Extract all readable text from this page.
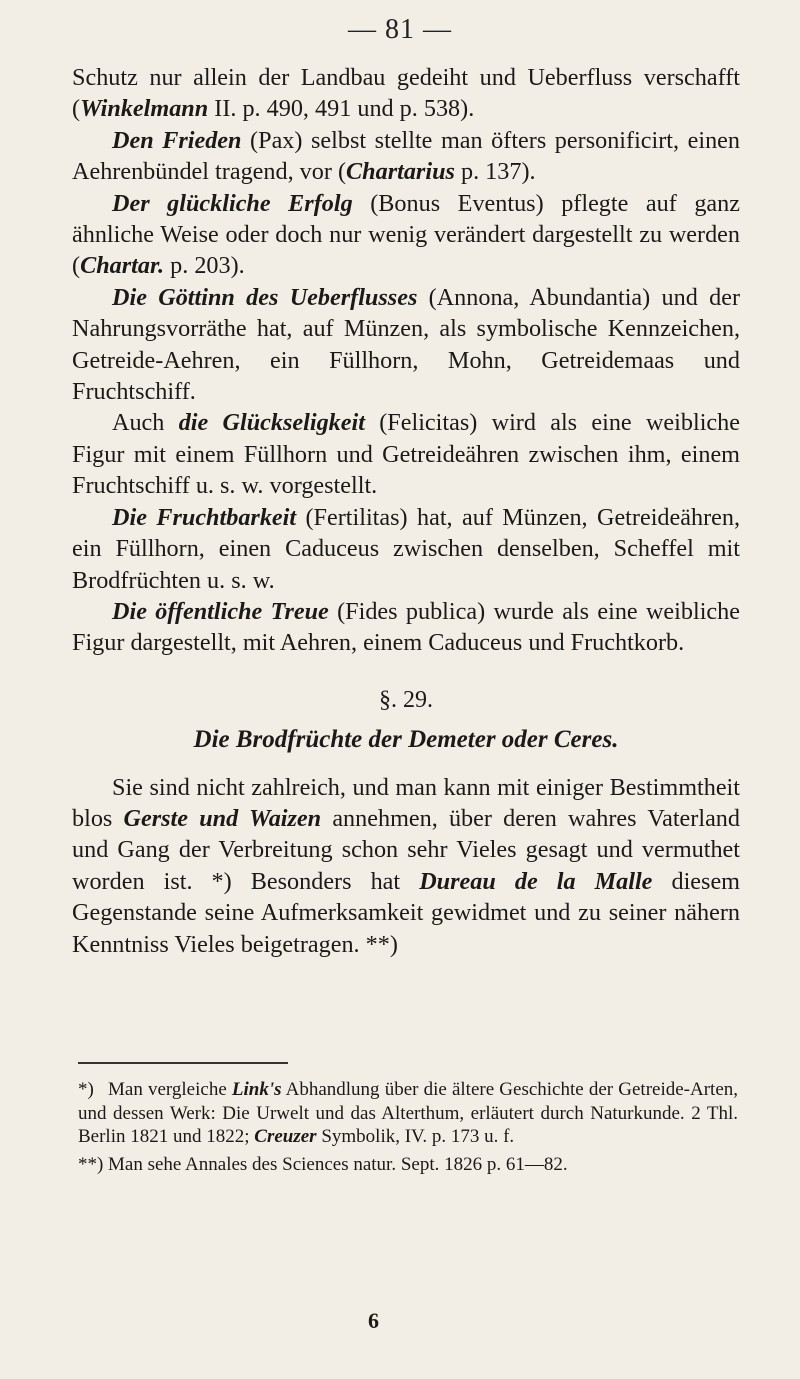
— 81 —

Schutz nur allein der Landbau gedeiht und Ueberfluss verschafft (Winkelmann II. p. 490, 491 und p. 538).

Den Frieden (Pax) selbst stellte man öfters personificirt, einen Aehrenbündel tragend, vor (Chartarius p. 137).

Der glückliche Erfolg (Bonus Eventus) pflegte auf ganz ähnliche Weise oder doch nur wenig verändert dargestellt zu werden (Chartar. p. 203).

Die Göttinn des Ueberflusses (Annona, Abundantia) und der Nahrungsvorräthe hat, auf Münzen, als symbolische Kennzeichen, Getreide-Aehren, ein Füllhorn, Mohn, Getreidemaas und Fruchtschiff.

Auch die Glückseligkeit (Felicitas) wird als eine weibliche Figur mit einem Füllhorn und Getreideähren zwischen ihm, einem Fruchtschiff u. s. w. vorgestellt.

Die Fruchtbarkeit (Fertilitas) hat, auf Münzen, Getreideähren, ein Füllhorn, einen Caduceus zwischen denselben, Scheffel mit Brodfrüchten u. s. w.

Die öffentliche Treue (Fides publica) wurde als eine weibliche Figur dargestellt, mit Aehren, einem Caduceus und Fruchtkorb.

§. 29.
Die Brodfrüchte der Demeter oder Ceres.

Sie sind nicht zahlreich, und man kann mit einiger Bestimmtheit blos Gerste und Waizen annehmen, über deren wahres Vaterland und Gang der Verbreitung schon sehr Vieles gesagt und vermuthet worden ist. *) Besonders hat Dureau de la Malle diesem Gegenstande seine Aufmerksamkeit gewidmet und zu seiner nähern Kenntniss Vieles beigetragen. **)

*) Man vergleiche Link's Abhandlung über die ältere Geschichte der Getreide-Arten, und dessen Werk: Die Urwelt und das Alterthum, erläutert durch Naturkunde. 2 Thl. Berlin 1821 und 1822; Creuzer Symbolik, IV. p. 173 u. f.

**) Man sehe Annales des Sciences natur. Sept. 1826 p. 61—82.

6
